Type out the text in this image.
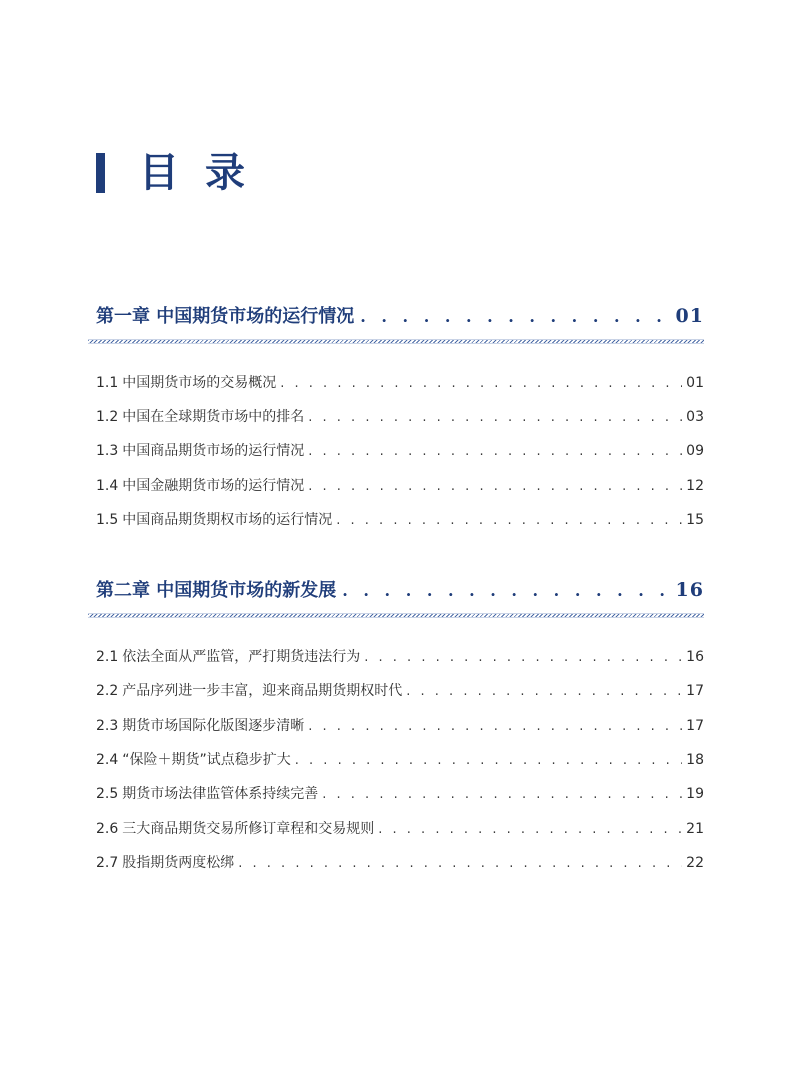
目录
第一章 中国期货市场的运行情况 . . .	01
1.1 中国期货市场的交易概况 . . .	01
1.2 中国在全球期货市场中的排名 . . .	03
1.3 中国商品期货市场的运行情况 . . .	09
1.4 中国金融期货市场的运行情况 . . .	12
1.5 中国商品期货期权市场的运行情况 . . .	15
第二章 中国期货市场的新发展 . . .	16
2.1 依法全面从严监管，严打期货违法行为 . . .	16
2.2 产品序列进一步丰富，迎来商品期货期权时代 . . .	17
2.3 期货市场国际化版图逐步清晰 . . .	17
2.4 “保险＋期货”试点稳步扩大 . . .	18
2.5 期货市场法律监管体系持续完善 . . .	19
2.6 三大商品期货交易所修订章程和交易规则 . . .	21
2.7 股指期货两度松绑 . . .	22
